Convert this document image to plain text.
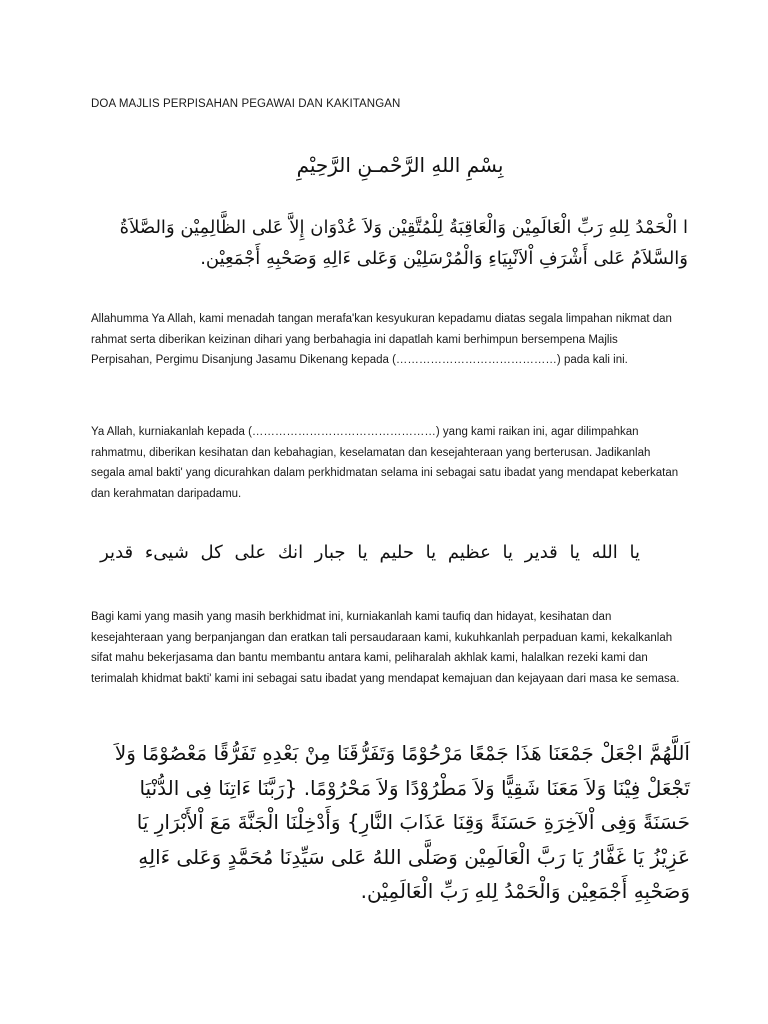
DOA MAJLIS PERPISAHAN PEGAWAI DAN KAKITANGAN
بِسْمِ اللهِ الرَّحْمـنِ الرَّحِيْمِ
ا الْحَمْدُ لِلهِ رَبِّ الْعَالَمِيْن وَالْعَاقِبَةُ لِلْمُتَّقِيْن وَلاَ عُدْوَان إِلاَّ عَلى الظَّالِمِيْن وَالصَّلاَةُ وَالسَّلاَمُ عَلى أَشْرَفِ اْلاَنْبِيَاءِ وَالْمُرْسَلِيْن وَعَلى ءَالِهِ وَصَحْبِهِ أَجْمَعِيْن.

Allahumma Ya Allah, kami menadah tangan merafa'kan kesyukuran kepadamu diatas segala limpahan nikmat dan rahmat serta diberikan keizinan dihari yang berbahagia ini dapatlah kami berhimpun bersempena Majlis Perpisahan, Pergimu Disanjung Jasamu Dikenang kepada (……………………………………) pada kali ini.

Ya Allah, kurniakanlah kepada (…………………………………………) yang kami raikan ini, agar dilimpahkan rahmatmu, diberikan kesihatan dan kebahagian, keselamatan dan kesejahteraan yang berterusan. Jadikanlah segala amal bakti' yang dicurahkan dalam perkhidmatan selama ini sebagai satu ibadat yang mendapat keberkatan dan kerahmatan daripadamu.

يا الله يا قدير يا عظيم يا حليم يا جبار انك على كل شيىء قدير

Bagi kami yang masih yang masih berkhidmat ini, kurniakanlah kami taufiq dan hidayat, kesihatan dan kesejahteraan yang berpanjangan dan eratkan tali persaudaraan kami, kukuhkanlah perpaduan kami, kekalkanlah sifat mahu bekerjasama dan bantu membantu antara kami, peliharalah akhlak kami, halalkan rezeki kami dan terimalah khidmat bakti' kami ini sebagai satu ibadat yang mendapat kemajuan dan kejayaan dari masa ke semasa.

اَللَّهُمَّ اجْعَلْ جَمْعَنَا هَذَا جَمْعًا مَرْحُوْمًا وَتَفَرُّقَنَا مِنْ بَعْدِهِ تَفَرُّقًا مَعْصُوْمًا وَلاَ تَجْعَلْ فِيْنَا وَلاَ مَعَنَا شَقِيًّا وَلاَ مَطْرُوْدًا وَلاَ مَحْرُوْمًا. {رَبَّنَا ءَاتِنَا فِى الدُّنْيَا حَسَنَةً وَفِى اْلآخِرَةِ حَسَنَةً وَقِنَا عَذَابَ النَّارِ} وَأَدْخِلْنَا الْجَنَّةَ مَعَ اْلأَبْرَارِ يَا عَزِيْزُ يَا غَفَّارُ يَا رَبَّ الْعَالَمِيْن وَصَلَّى اللهُ عَلى سَيِّدِنَا مُحَمَّدٍ وَعَلى ءَالِهِ وَصَحْبِهِ أَجْمَعِيْن وَالْحَمْدُ لِلهِ رَبِّ الْعَالَمِيْن.
